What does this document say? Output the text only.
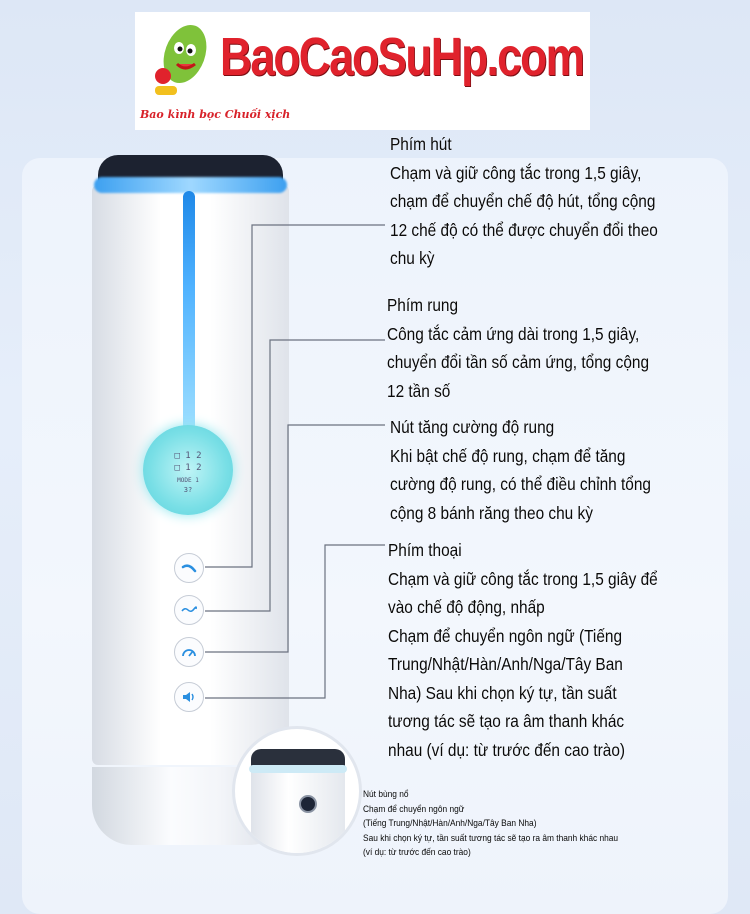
BaoCaoSuHp.com
Bao kình bọc Chuối xịch
□ 1 2
□ 1 2
MODE 1
3?
Phím hút
Chạm và giữ công tắc trong 1,5 giây,
chạm để chuyển chế độ hút, tổng cộng
12 chế độ có thể được chuyển đổi theo
chu kỳ
Phím rung
Công tắc cảm ứng dài trong 1,5 giây,
chuyển đổi tần số cảm ứng, tổng cộng
12 tần số
Nút tăng cường độ rung
Khi bật chế độ rung, chạm để tăng
cường độ rung, có thể điều chỉnh tổng
cộng 8 bánh răng theo chu kỳ
Phím thoại
Chạm và giữ công tắc trong 1,5 giây để
vào chế độ động, nhấp
Chạm để chuyển ngôn ngữ (Tiếng
Trung/Nhật/Hàn/Anh/Nga/Tây Ban
Nha) Sau khi chọn ký tự, tần suất
tương tác sẽ tạo ra âm thanh khác
nhau (ví dụ: từ trước đến cao trào)
Nút bùng nổ
Chạm để chuyển ngôn ngữ
(Tiếng Trung/Nhật/Hàn/Anh/Nga/Tây Ban Nha)
Sau khi chọn ký tự, tần suất tương tác sẽ tạo ra âm thanh khác nhau
(ví dụ: từ trước đến cao trào)
